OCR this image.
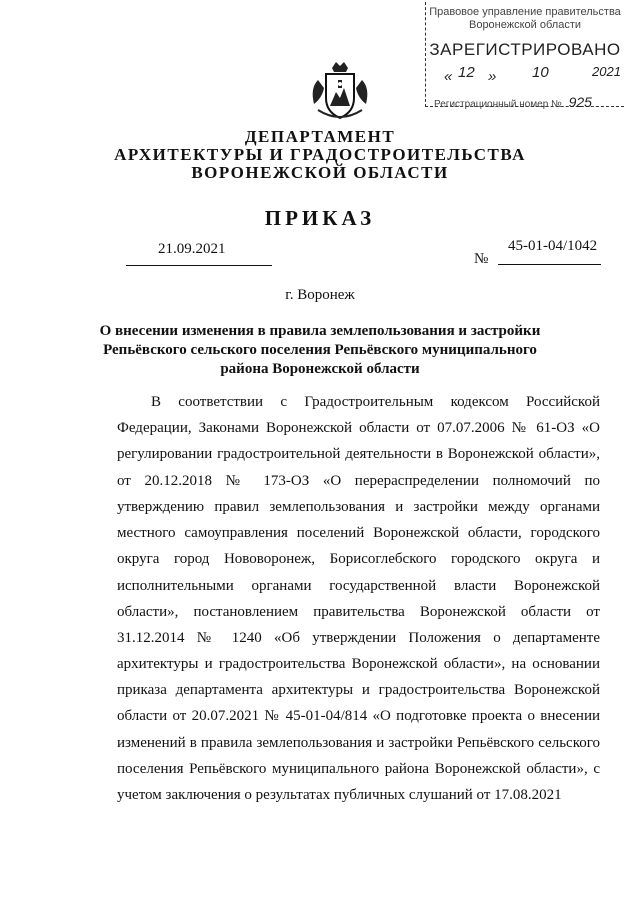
Правовое управление правительства
Воронежской области
ЗАРЕГИСТРИРОВАНО
« 12 » 10	2021
Регистрационный номер № 925
ДЕПАРТАМЕНТ
АРХИТЕКТУРЫ И ГРАДОСТРОИТЕЛЬСТВА
ВОРОНЕЖСКОЙ ОБЛАСТИ
ПРИКАЗ
21.09.2021
№
45-01-04/1042
г. Воронеж
О внесении изменения в правила землепользования и застройки
Репьёвского сельского поселения Репьёвского муниципального
района Воронежской области
В соответствии с Градостроительным кодексом Российской
Федерации, Законами Воронежской области от 07.07.2006 № 61-ОЗ «О
регулировании градостроительной деятельности в Воронежской области»,
от 20.12.2018 № 173-ОЗ «О перераспределении полномочий по
утверждению правил землепользования и застройки между органами
местного самоуправления поселений Воронежской области, городского
округа город Нововоронеж, Борисоглебского городского округа и
исполнительными органами государственной власти Воронежской
области», постановлением правительства Воронежской области от
31.12.2014 № 1240 «Об утверждении Положения о департаменте
архитектуры и градостроительства Воронежской области», на основании
приказа департамента архитектуры и градостроительства Воронежской
области от 20.07.2021 № 45-01-04/814 «О подготовке проекта о внесении
изменений в правила землепользования и застройки Репьёвского сельского
поселения Репьёвского муниципального района Воронежской области», с
учетом заключения о результатах публичных слушаний от 17.08.2021
